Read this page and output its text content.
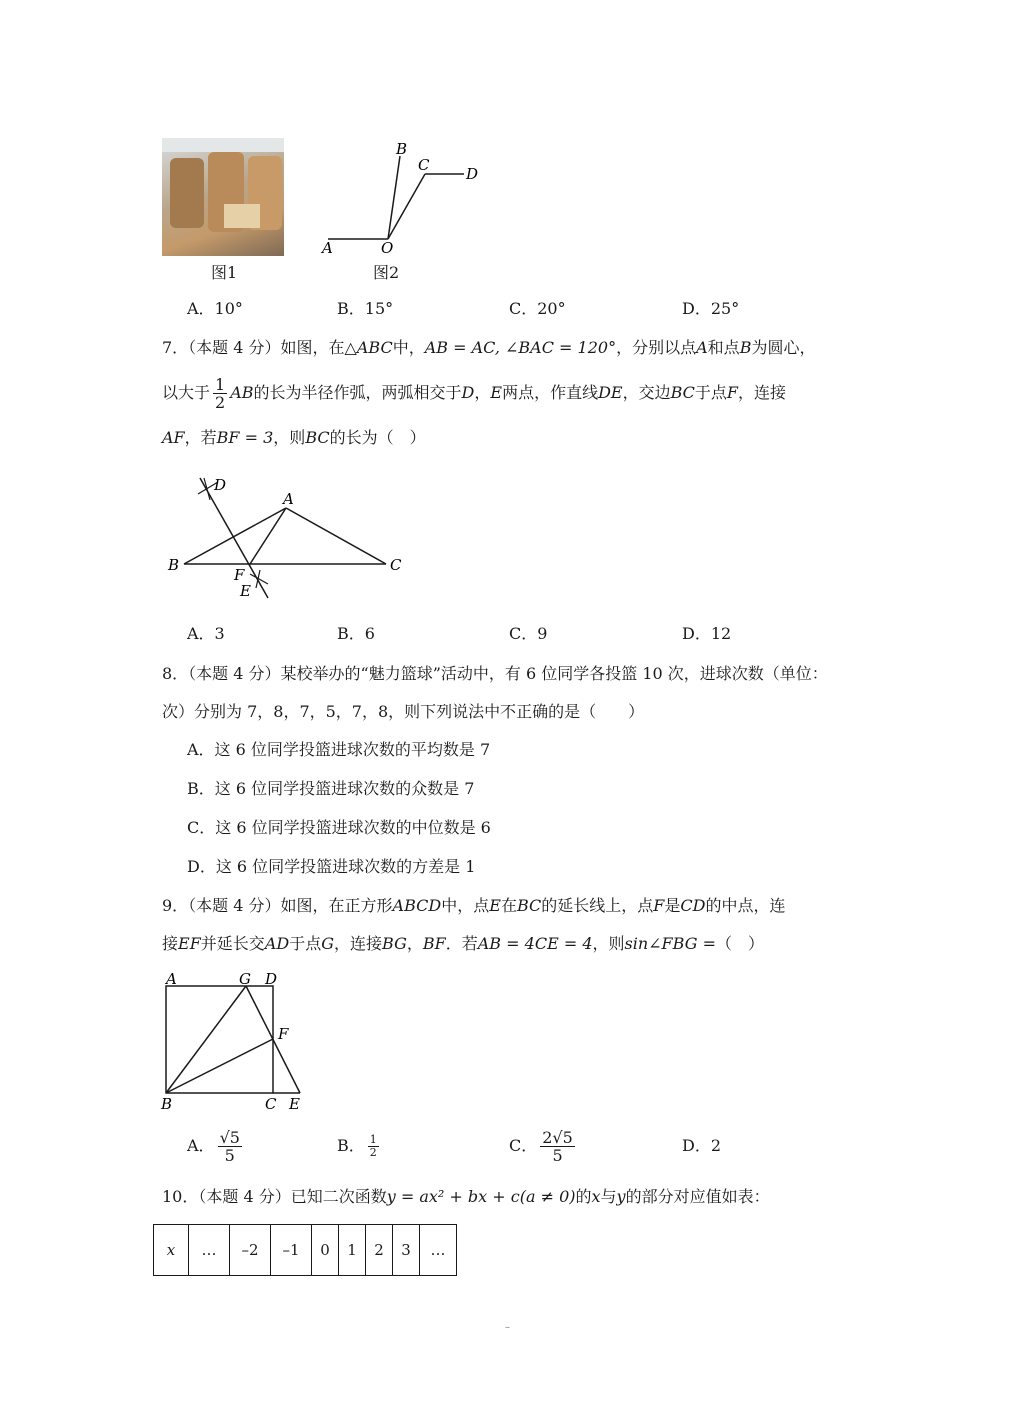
图1
B
C D
A	O
图2
A．10°	B．15°	C．20°	D．25°
7．（本题 4 分）如图，在△ABC中，AB = AC, ∠BAC = 120°，分别以点A和点B为圆心，
以大于 $\frac{1}{2}$ AB的长为半径作弧，两弧相交于D，E两点，作直线DE，交边BC于点F，连接
AF，若BF = 3，则BC的长为（　）
D
A
B	C
F
E
A．3	B．6	C．9	D．12
8．（本题 4 分）某校举办的“魅力篮球”活动中，有 6 位同学各投篮 10 次，进球次数（单位：
次）分别为 7，8，7，5，7，8，则下列说法中不正确的是（　　）
A．这 6 位同学投篮进球次数的平均数是 7
B．这 6 位同学投篮进球次数的众数是 7
C．这 6 位同学投篮进球次数的中位数是 6
D．这 6 位同学投篮进球次数的方差是 1
9．（本题 4 分）如图，在正方形ABCD中，点E在BC的延长线上，点F是CD的中点，连
接EF并延长交AD于点G，连接BG，BF．若AB = 4CE = 4，则sin∠FBG =（　）
A	G D
F
B	C E
A． $\frac{√5}{5}$	B． $\frac{1}{2}$	C． $\frac{2√5}{5}$	D．2
10．（本题 4 分）已知二次函数y = ax² + bx + c(a ≠ 0)的x与y的部分对应值如表：
x	…	–2	–1	0	1	2	3	…
–
